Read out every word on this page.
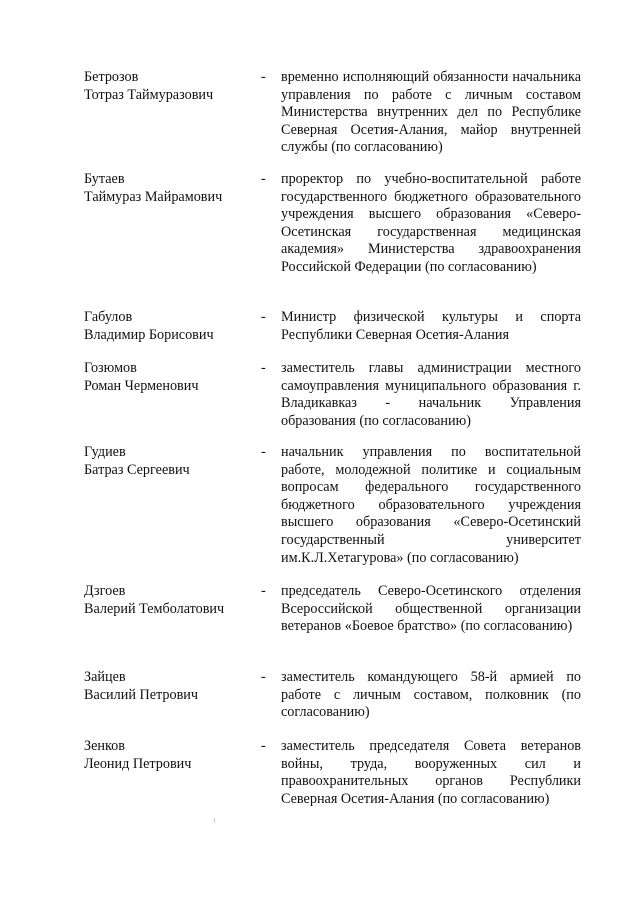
Бетрозов
Тотраз Таймуразович
- временно исполняющий обязанности начальника управления по работе с личным составом Министерства внутренних дел по Республике Северная Осетия-Алания, майор внутренней службы (по согласованию)
Бутаев
Таймураз Майрамович
- проректор по учебно-воспитательной работе государственного бюджетного образовательного учреждения высшего образования «Северо-Осетинская государственная медицинская академия» Министерства здравоохранения Российской Федерации (по согласованию)
Габулов
Владимир Борисович
- Министр физической культуры и спорта Республики Северная Осетия-Алания
Гозюмов
Роман Черменович
- заместитель главы администрации местного самоуправления муниципального образования г. Владикавказ - начальник Управления образования (по согласованию)
Гудиев
Батраз Сергеевич
- начальник управления по воспитательной работе, молодежной политике и социальным вопросам федерального государственного бюджетного образовательного учреждения высшего образования «Северо-Осетинский государственный университет им.К.Л.Хетагурова» (по согласованию)
Дзгоев
Валерий Темболатович
- председатель Северо-Осетинского отделения Всероссийской общественной организации ветеранов «Боевое братство» (по согласованию)
Зайцев
Василий Петрович
- заместитель командующего 58-й армией по работе с личным составом, полковник (по согласованию)
Зенков
Леонид Петрович
- заместитель председателя Совета ветеранов войны, труда, вооруженных сил и правоохранительных органов Республики Северная Осетия-Алания (по согласованию)
